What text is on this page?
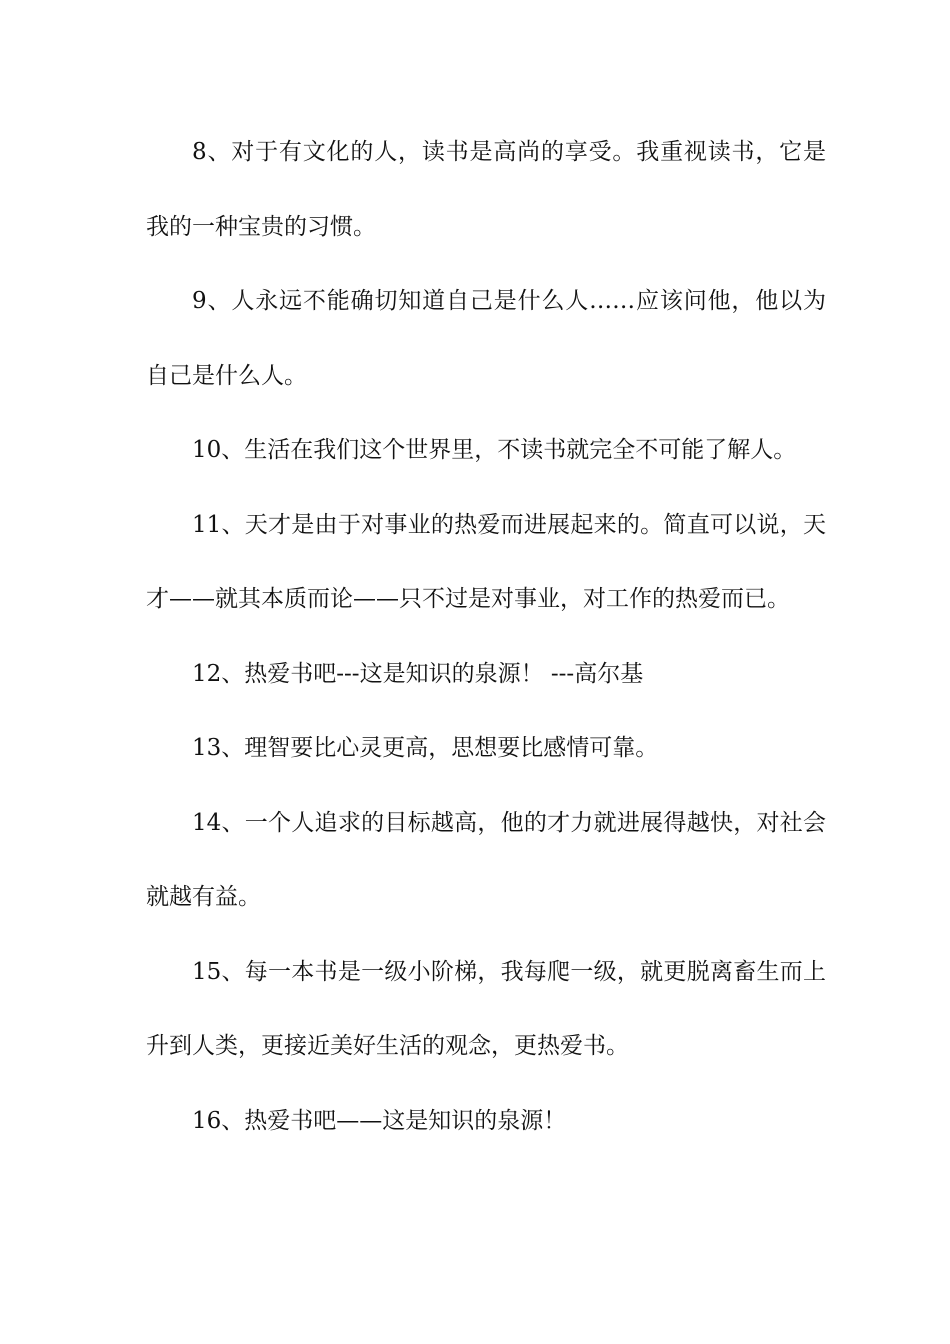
8、对于有文化的人，读书是高尚的享受。我重视读书，它是我的一种宝贵的习惯。

9、人永远不能确切知道自己是什么人……应该问他，他以为自己是什么人。

10、生活在我们这个世界里，不读书就完全不可能了解人。

11、天才是由于对事业的热爱而进展起来的。简直可以说，天才——就其本质而论——只不过是对事业，对工作的热爱而已。

12、热爱书吧---这是知识的泉源！ ---高尔基

13、理智要比心灵更高，思想要比感情可靠。

14、一个人追求的目标越高，他的才力就进展得越快，对社会就越有益。

15、每一本书是一级小阶梯，我每爬一级，就更脱离畜生而上升到人类，更接近美好生活的观念，更热爱书。

16、热爱书吧——这是知识的泉源！
